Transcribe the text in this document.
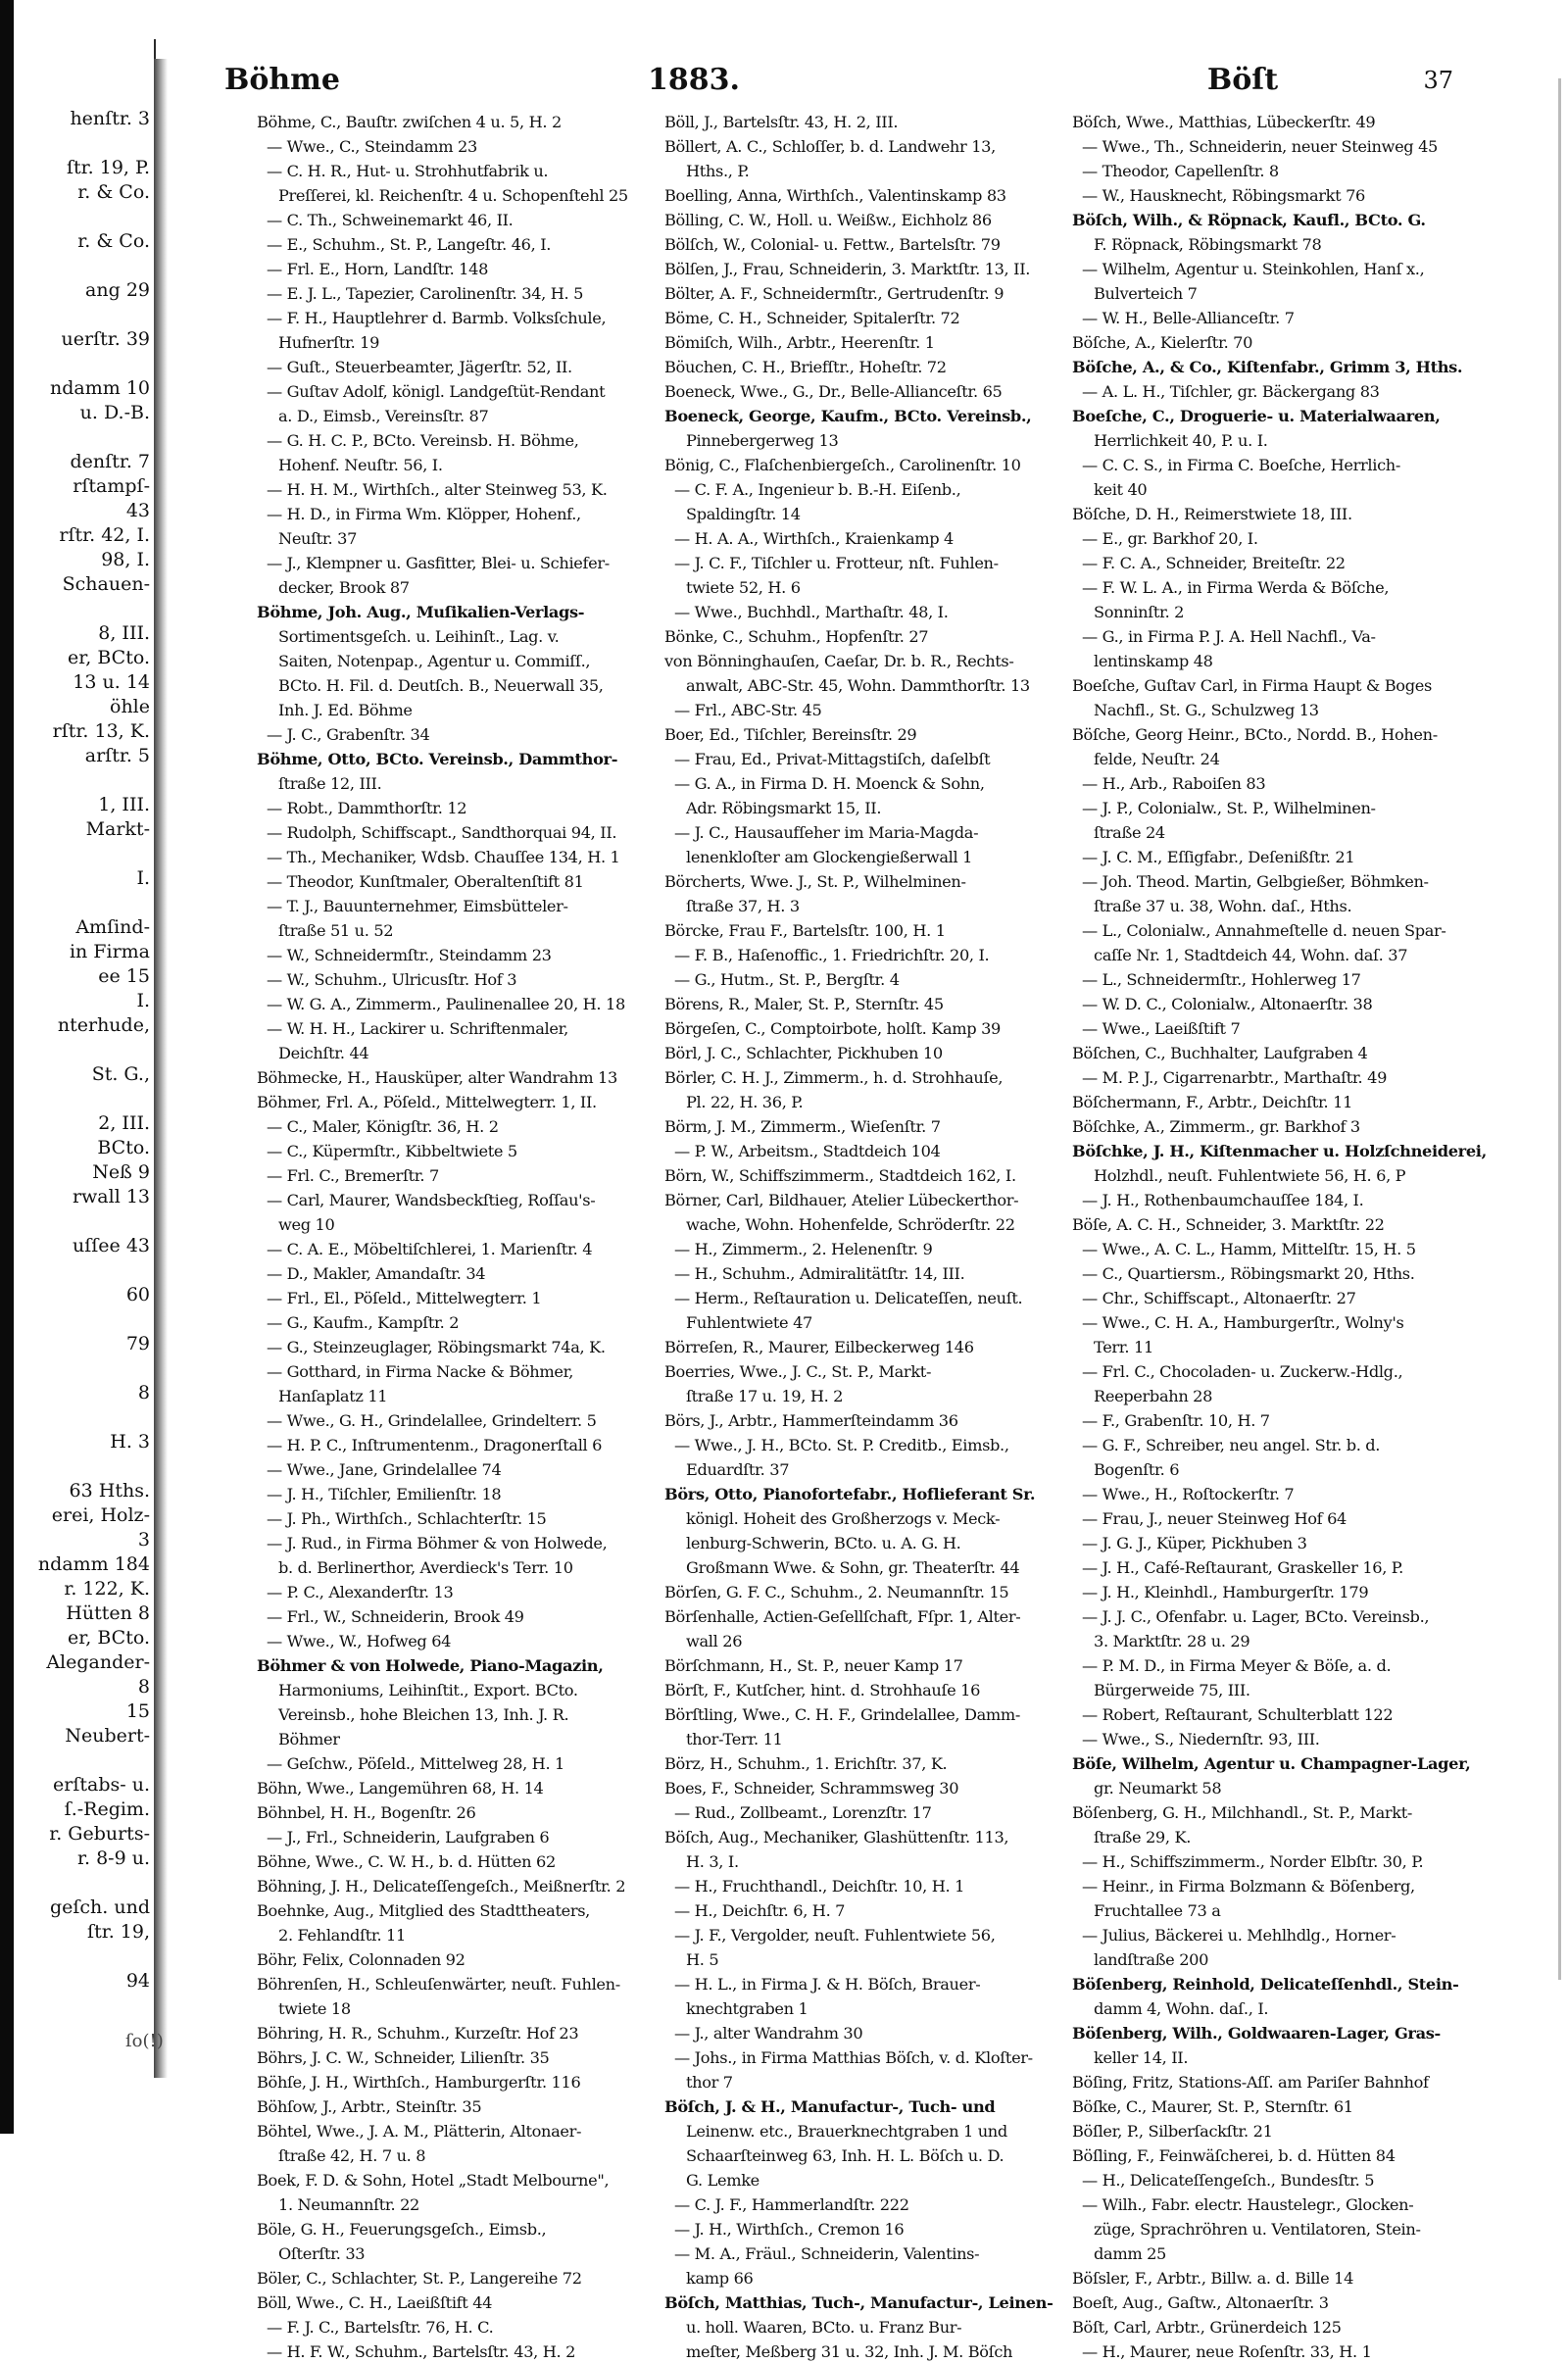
henſtr. 3
ſtr. 19, P.
r. & Co.
r. & Co.
ang 29
uerſtr. 39
ndamm 10
u. D.-B.
denſtr. 7
rſtampſ-
43
rſtr. 42, I.
98, I.
Schauen-
8, III.
er, BCto.
13 u. 14
öhle
rſtr. 13, K.
arſtr. 5
1, III.
Markt-
I.
Amſind-
in Firma
ee 15
I.
nterhude,
St. G.,
2, III.
BCto.
Neß 9
rwall 13
uſſee 43
60
79
8
H. 3
63 Hths.
erei, Holz-
3
ndamm 184
r. 122, K.
Hütten 8
er, BCto.
Alegander-
8
15
Neubert-
erſtabs- u.
ſ.-Regim.
r. Geburts-
r. 8-9 u.
geſch. und
ſtr. 19,
94
Böhme	1883.	Böſt	37
Böhme, C., Bauſtr. zwiſchen 4 u. 5, H. 2
— Wwe., C., Steindamm 23
— C. H. R., Hut- u. Strohhutfabrik u.
Preſſerei, kl. Reichenſtr. 4 u. Schopenſtehl 25
— C. Th., Schweinemarkt 46, II.
— E., Schuhm., St. P., Langeſtr. 46, I.
— Frl. E., Horn, Landſtr. 148
— E. J. L., Tapezier, Carolinenſtr. 34, H. 5
— F. H., Hauptlehrer d. Barmb. Volksſchule,
Hufnerſtr. 19
— Guſt., Steuerbeamter, Jägerſtr. 52, II.
— Guſtav Adolf, königl. Landgeſtüt-Rendant
a. D., Eimsb., Vereinsſtr. 87
— G. H. C. P., BCto. Vereinsb. H. Böhme,
Hohenf. Neuſtr. 56, I.
— H. H. M., Wirthſch., alter Steinweg 53, K.
— H. D., in Firma Wm. Klöpper, Hohenf.,
Neuſtr. 37
— J., Klempner u. Gasfitter, Blei- u. Schiefer-
decker, Brook 87
Böhme, Joh. Aug., Muſikalien-Verlags-
Sortimentsgeſch. u. Leihinſt., Lag. v.
Saiten, Notenpap., Agentur u. Commiſſ.,
BCto. H. Fil. d. Deutſch. B., Neuerwall 35,
Inh. J. Ed. Böhme
— J. C., Grabenſtr. 34
Böhme, Otto, BCto. Vereinsb., Dammthor-
ſtraße 12, III.
— Robt., Dammthorſtr. 12
— Rudolph, Schiffscapt., Sandthorquai 94, II.
— Th., Mechaniker, Wdsb. Chauſſee 134, H. 1
— Theodor, Kunſtmaler, Oberaltenſtift 81
— T. J., Bauunternehmer, Eimsbütteler-
ſtraße 51 u. 52
— W., Schneidermſtr., Steindamm 23
— W., Schuhm., Ulricusſtr. Hof 3
— W. G. A., Zimmerm., Paulinenallee 20, H. 18
— W. H. H., Lackirer u. Schriftenmaler,
Deichſtr. 44
Böhmecke, H., Hausküper, alter Wandrahm 13
Böhmer, Frl. A., Pöſeld., Mittelwegterr. 1, II.
— C., Maler, Königſtr. 36, H. 2
— C., Küpermſtr., Kibbeltwiete 5
— Frl. C., Bremerſtr. 7
— Carl, Maurer, Wandsbeckſtieg, Roſſau's-
weg 10
— C. A. E., Möbeltiſchlerei, 1. Marienſtr. 4
— D., Makler, Amandaſtr. 34
— Frl., El., Pöſeld., Mittelwegterr. 1
— G., Kaufm., Kampſtr. 2
— G., Steinzeuglager, Röbingsmarkt 74a, K.
— Gotthard, in Firma Nacke & Böhmer,
Hanſaplatz 11
— Wwe., G. H., Grindelallee, Grindelterr. 5
— H. P. C., Inſtrumentenm., Dragonerſtall 6
— Wwe., Jane, Grindelallee 74
— J. H., Tiſchler, Emilienſtr. 18
— J. Ph., Wirthſch., Schlachterſtr. 15
— J. Rud., in Firma Böhmer & von Holwede,
b. d. Berlinerthor, Averdieck's Terr. 10
— P. C., Alexanderſtr. 13
— Frl., W., Schneiderin, Brook 49
— Wwe., W., Hofweg 64
Böhmer & von Holwede, Piano-Magazin,
Harmoniums, Leihinſtit., Export. BCto.
Vereinsb., hohe Bleichen 13, Inh. J. R.
Böhmer
— Geſchw., Pöſeld., Mittelweg 28, H. 1
Böhn, Wwe., Langemühren 68, H. 14
Böhnbel, H. H., Bogenſtr. 26
— J., Frl., Schneiderin, Laufgraben 6
Böhne, Wwe., C. W. H., b. d. Hütten 62
Böhning, J. H., Delicateſſengeſch., Meißnerſtr. 2
Boehnke, Aug., Mitglied des Stadttheaters,
2. Fehlandſtr. 11
Böhr, Felix, Colonnaden 92
Böhrenſen, H., Schleuſenwärter, neuſt. Fuhlen-
twiete 18
Böhring, H. R., Schuhm., Kurzeſtr. Hof 23
Böhrs, J. C. W., Schneider, Lilienſtr. 35
Böhſe, J. H., Wirthſch., Hamburgerſtr. 116
Böhſow, J., Arbtr., Steinſtr. 35
Böhtel, Wwe., J. A. M., Plätterin, Altonaer-
ſtraße 42, H. 7 u. 8
Boek, F. D. & Sohn, Hotel „Stadt Melbourne",
1. Neumannſtr. 22
Böle, G. H., Feuerungsgeſch., Eimsb.,
Oſterſtr. 33
Böler, C., Schlachter, St. P., Langereihe 72
Böll, Wwe., C. H., Laeißſtift 44
— F. J. C., Bartelsſtr. 76, H. C.
— H. F. W., Schuhm., Bartelsſtr. 43, H. 2
Böll, J., Bartelsſtr. 43, H. 2, III.
Böllert, A. C., Schloſſer, b. d. Landwehr 13,
Hths., P.
Boelling, Anna, Wirthſch., Valentinskamp 83
Bölling, C. W., Holl. u. Weißw., Eichholz 86
Bölſch, W., Colonial- u. Fettw., Bartelsſtr. 79
Bölſen, J., Frau, Schneiderin, 3. Marktſtr. 13, II.
Bölter, A. F., Schneidermſtr., Gertrudenſtr. 9
Böme, C. H., Schneider, Spitalerſtr. 72
Bömiſch, Wilh., Arbtr., Heerenſtr. 1
Böuchen, C. H., Briefſtr., Hoheſtr. 72
Boeneck, Wwe., G., Dr., Belle-Allianceſtr. 65
Boeneck, George, Kaufm., BCto. Vereinsb.,
Pinnebergerweg 13
Bönig, C., Flaſchenbiergeſch., Carolinenſtr. 10
— C. F. A., Ingenieur b. B.-H. Eiſenb.,
Spaldingſtr. 14
— H. A. A., Wirthſch., Kraienkamp 4
— J. C. F., Tiſchler u. Frotteur, nſt. Fuhlen-
twiete 52, H. 6
— Wwe., Buchhdl., Marthaſtr. 48, I.
Bönke, C., Schuhm., Hopfenſtr. 27
von Bönninghauſen, Caeſar, Dr. b. R., Rechts-
anwalt, ABC-Str. 45, Wohn. Dammthorſtr. 13
— Frl., ABC-Str. 45
Boer, Ed., Tiſchler, Bereinsſtr. 29
— Frau, Ed., Privat-Mittagstiſch, daſelbſt
— G. A., in Firma D. H. Moenck & Sohn,
Adr. Röbingsmarkt 15, II.
— J. C., Hausaufſeher im Maria-Magda-
lenenkloſter am Glockengießerwall 1
Börcherts, Wwe. J., St. P., Wilhelminen-
ſtraße 37, H. 3
Börcke, Frau F., Bartelsſtr. 100, H. 1
— F. B., Haſenoffic., 1. Friedrichſtr. 20, I.
— G., Hutm., St. P., Bergſtr. 4
Börens, R., Maler, St. P., Sternſtr. 45
Börgeſen, C., Comptoirbote, holſt. Kamp 39
Börl, J. C., Schlachter, Pickhuben 10
Börler, C. H. J., Zimmerm., h. d. Strohhauſe,
Pl. 22, H. 36, P.
Börm, J. M., Zimmerm., Wieſenſtr. 7
— P. W., Arbeitsm., Stadtdeich 104
Börn, W., Schiffszimmerm., Stadtdeich 162, I.
Börner, Carl, Bildhauer, Atelier Lübeckerthor-
wache, Wohn. Hohenfelde, Schröderſtr. 22
— H., Zimmerm., 2. Helenenſtr. 9
— H., Schuhm., Admiralitätſtr. 14, III.
— Herm., Reſtauration u. Delicateſſen, neuſt.
Fuhlentwiete 47
Börreſen, R., Maurer, Eilbeckerweg 146
Boerries, Wwe., J. C., St. P., Markt-
ſtraße 17 u. 19, H. 2
Börs, J., Arbtr., Hammerſteindamm 36
— Wwe., J. H., BCto. St. P. Creditb., Eimsb.,
Eduardſtr. 37
Börs, Otto, Pianofortefabr., Hoflieferant Sr.
königl. Hoheit des Großherzogs v. Meck-
lenburg-Schwerin, BCto. u. A. G. H.
Großmann Wwe. & Sohn, gr. Theaterſtr. 44
Börſen, G. F. C., Schuhm., 2. Neumannſtr. 15
Börſenhalle, Actien-Geſellſchaft, Fſpr. 1, Alter-
wall 26
Börſchmann, H., St. P., neuer Kamp 17
Börſt, F., Kutſcher, hint. d. Strohhauſe 16
Börſtling, Wwe., C. H. F., Grindelallee, Damm-
thor-Terr. 11
Börz, H., Schuhm., 1. Erichſtr. 37, K.
Boes, F., Schneider, Schrammsweg 30
— Rud., Zollbeamt., Lorenzſtr. 17
Böſch, Aug., Mechaniker, Glashüttenſtr. 113,
H. 3, I.
— H., Fruchthandl., Deichſtr. 10, H. 1
— H., Deichſtr. 6, H. 7
— J. F., Vergolder, neuſt. Fuhlentwiete 56,
H. 5
— H. L., in Firma J. & H. Böſch, Brauer-
knechtgraben 1
— J., alter Wandrahm 30
— Johs., in Firma Matthias Böſch, v. d. Kloſter-
thor 7
Böſch, J. & H., Manufactur-, Tuch- und
Leinenw. etc., Brauerknechtgraben 1 und
Schaarſteinweg 63, Inh. H. L. Böſch u. D.
G. Lemke
— C. J. F., Hammerlandſtr. 222
— J. H., Wirthſch., Cremon 16
— M. A., Fräul., Schneiderin, Valentins-
kamp 66
Böſch, Matthias, Tuch-, Manufactur-, Leinen-
u. holl. Waaren, BCto. u. Franz Bur-
meſter, Meßberg 31 u. 32, Inh. J. M. Böſch
Böſch, Wwe., Matthias, Lübeckerſtr. 49
— Wwe., Th., Schneiderin, neuer Steinweg 45
— Theodor, Capellenſtr. 8
— W., Hausknecht, Röbingsmarkt 76
Böſch, Wilh., & Röpnack, Kaufl., BCto. G.
F. Röpnack, Röbingsmarkt 78
— Wilhelm, Agentur u. Steinkohlen, Hanſ x.,
Bulverteich 7
— W. H., Belle-Allianceſtr. 7
Böſche, A., Kielerſtr. 70
Böſche, A., & Co., Kiſtenfabr., Grimm 3, Hths.
— A. L. H., Tiſchler, gr. Bäckergang 83
Boeſche, C., Droguerie- u. Materialwaaren,
Herrlichkeit 40, P. u. I.
— C. C. S., in Firma C. Boeſche, Herrlich-
keit 40
Böſche, D. H., Reimerstwiete 18, III.
— E., gr. Barkhof 20, I.
— F. C. A., Schneider, Breiteſtr. 22
— F. W. L. A., in Firma Werda & Böſche,
Sonninſtr. 2
— G., in Firma P. J. A. Hell Nachfl., Va-
lentinskamp 48
Boeſche, Guſtav Carl, in Firma Haupt & Boges
Nachfl., St. G., Schulzweg 13
Böſche, Georg Heinr., BCto., Nordd. B., Hohen-
felde, Neuſtr. 24
— H., Arb., Raboiſen 83
— J. P., Colonialw., St. P., Wilhelminen-
ſtraße 24
— J. C. M., Eſſigfabr., Deſenißſtr. 21
— Joh. Theod. Martin, Gelbgießer, Böhmken-
ſtraße 37 u. 38, Wohn. daſ., Hths.
— L., Colonialw., Annahmeſtelle d. neuen Spar-
caſſe Nr. 1, Stadtdeich 44, Wohn. daſ. 37
— L., Schneidermſtr., Hohlerweg 17
— W. D. C., Colonialw., Altonaerſtr. 38
— Wwe., Laeißſtift 7
Böſchen, C., Buchhalter, Laufgraben 4
— M. P. J., Cigarrenarbtr., Marthaſtr. 49
Böſchermann, F., Arbtr., Deichſtr. 11
Böſchke, A., Zimmerm., gr. Barkhof 3
Böſchke, J. H., Kiſtenmacher u. Holzſchneiderei,
Holzhdl., neuſt. Fuhlentwiete 56, H. 6, P
— J. H., Rothenbaumchauſſee 184, I.
Böſe, A. C. H., Schneider, 3. Marktſtr. 22
— Wwe., A. C. L., Hamm, Mittelſtr. 15, H. 5
— C., Quartiersm., Röbingsmarkt 20, Hths.
— Chr., Schiffscapt., Altonaerſtr. 27
— Wwe., C. H. A., Hamburgerſtr., Wolny's
Terr. 11
— Frl. C., Chocoladen- u. Zuckerw.-Hdlg.,
Reeperbahn 28
— F., Grabenſtr. 10, H. 7
— G. F., Schreiber, neu angel. Str. b. d.
Bogenſtr. 6
— Wwe., H., Roſtockerſtr. 7
— Frau, J., neuer Steinweg Hof 64
— J. G. J., Küper, Pickhuben 3
— J. H., Café-Reſtaurant, Graskeller 16, P.
— J. H., Kleinhdl., Hamburgerſtr. 179
— J. J. C., Ofenfabr. u. Lager, BCto. Vereinsb.,
3. Marktſtr. 28 u. 29
— P. M. D., in Firma Meyer & Böſe, a. d.
Bürgerweide 75, III.
— Robert, Reſtaurant, Schulterblatt 122
— Wwe., S., Niedernſtr. 93, III.
Böſe, Wilhelm, Agentur u. Champagner-Lager,
gr. Neumarkt 58
Böſenberg, G. H., Milchhandl., St. P., Markt-
ſtraße 29, K.
— H., Schiffszimmerm., Norder Elbſtr. 30, P.
— Heinr., in Firma Bolzmann & Böſenberg,
Fruchtallee 73 a
— Julius, Bäckerei u. Mehlhdlg., Horner-
landſtraße 200
Böſenberg, Reinhold, Delicateſſenhdl., Stein-
damm 4, Wohn. daſ., I.
Böſenberg, Wilh., Goldwaaren-Lager, Gras-
keller 14, II.
Böſing, Fritz, Stations-Aſſ. am Pariſer Bahnhof
Böſke, C., Maurer, St. P., Sternſtr. 61
Böſler, P., Silberſackſtr. 21
Böſling, F., Feinwäſcherei, b. d. Hütten 84
— H., Delicateſſengeſch., Bundesſtr. 5
— Wilh., Fabr. electr. Haustelegr., Glocken-
züge, Sprachröhren u. Ventilatoren, Stein-
damm 25
Böſsler, F., Arbtr., Billw. a. d. Bille 14
Boeſt, Aug., Gaſtw., Altonaerſtr. 3
Böſt, Carl, Arbtr., Grünerdeich 125
— H., Maurer, neue Roſenſtr. 33, H. 1
ſo(!)
